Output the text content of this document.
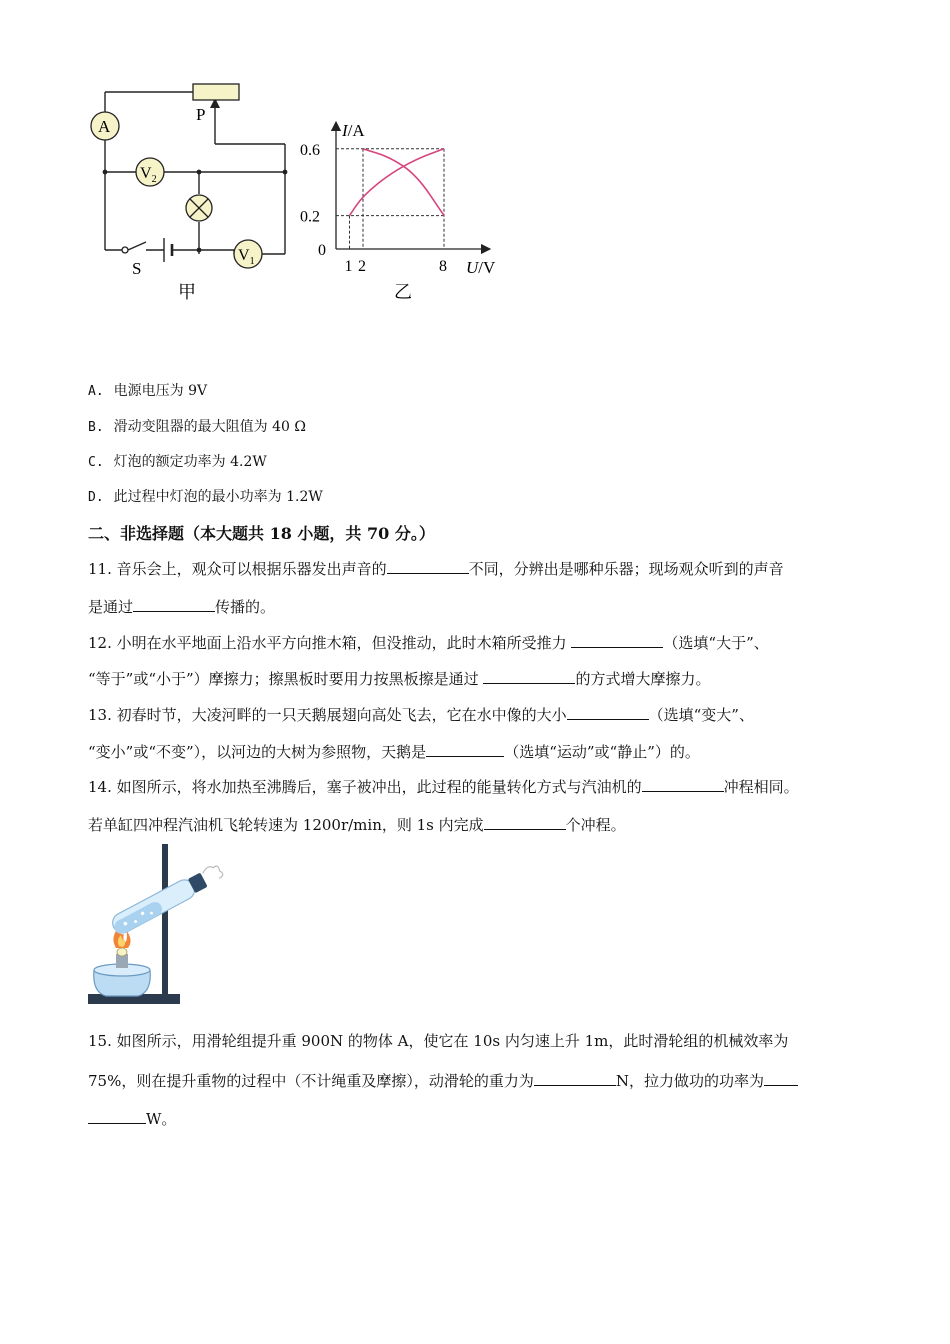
P
A
$V_2$
$V_1$
S
甲
I/A
U/V
0
0.6
0.2
1 2	8
乙
A. 电源电压为 9V
B. 滑动变阻器的最大阻值为 40 Ω
C. 灯泡的额定功率为 4.2W
D. 此过程中灯泡的最小功率为 1.2W
二、非选择题（本大题共 18 小题，共 70 分。）
11. 音乐会上，观众可以根据乐器发出声音的	不同，分辨出是哪种乐器；现场观众听到的声音
是通过	传播的。
12. 小明在水平地面上沿水平方向推木箱，但没推动，此时木箱所受推力	（选填“大于”、
“等于”或“小于”）摩擦力；擦黑板时要用力按黑板擦是通过	的方式增大摩擦力。
13. 初春时节，大凌河畔的一只天鹅展翅向高处飞去，它在水中像的大小	（选填“变大”、
“变小”或“不变”），以河边的大树为参照物，天鹅是	（选填“运动”或“静止”）的。
14. 如图所示，将水加热至沸腾后，塞子被冲出，此过程的能量转化方式与汽油机的	冲程相同。
若单缸四冲程汽油机飞轮转速为 1200r/min，则 1s 内完成	个冲程。
15. 如图所示，用滑轮组提升重 900N 的物体 A，使它在 10s 内匀速上升 1m，此时滑轮组的机械效率为
75%，则在提升重物的过程中（不计绳重及摩擦），动滑轮的重力为	N，拉力做功的功率为
W。
